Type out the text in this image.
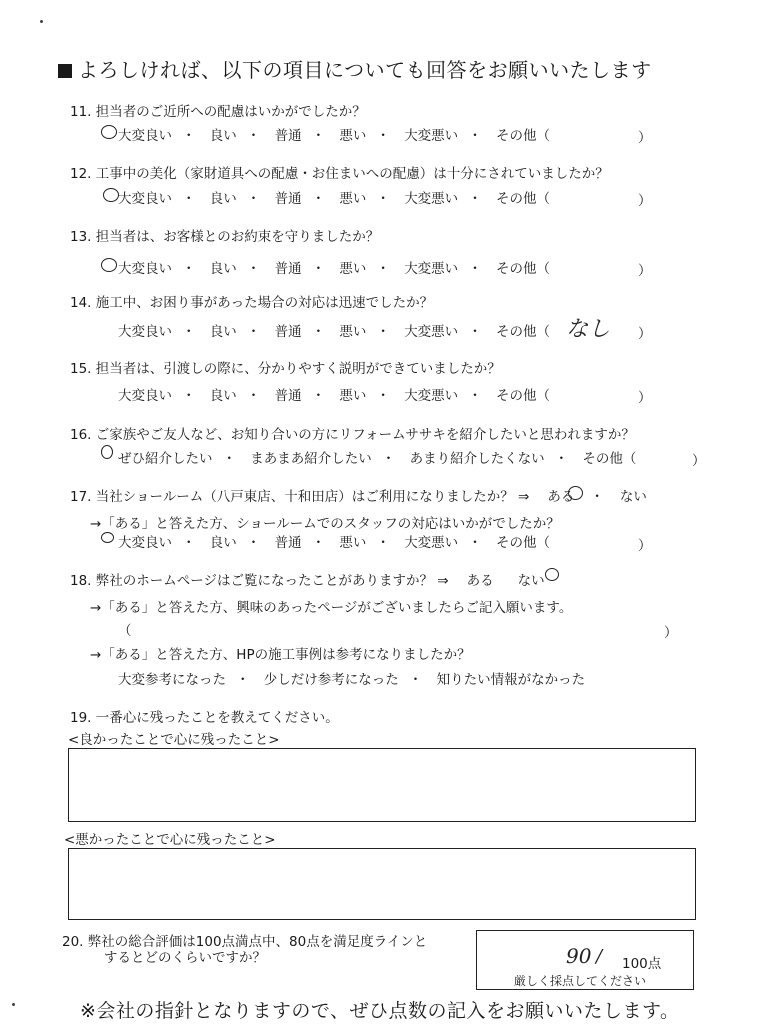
よろしければ、以下の項目についても回答をお願いいたします
11. 担当者のご近所への配慮はいかがでしたか？
大変良い ・ 良い ・ 普通 ・ 悪い ・ 大変悪い ・ その他（	）
12. 工事中の美化（家財道具への配慮・お住まいへの配慮）は十分にされていましたか？
大変良い ・ 良い ・ 普通 ・ 悪い ・ 大変悪い ・ その他（	）
13. 担当者は、お客様とのお約束を守りましたか？
大変良い ・ 良い ・ 普通 ・ 悪い ・ 大変悪い ・ その他（	）
14. 施工中、お困り事があった場合の対応は迅速でしたか？
大変良い ・ 良い ・ 普通 ・ 悪い ・ 大変悪い ・ その他（ なし ）
15. 担当者は、引渡しの際に、分かりやすく説明ができていましたか？
大変良い ・ 良い ・ 普通 ・ 悪い ・ 大変悪い ・ その他（	）
16. ご家族やご友人など、お知り合いの方にリフォームササキを紹介したいと思われますか？
ぜひ紹介したい ・ まあまあ紹介したい ・ あまり紹介したくない ・ その他（	）
17. 当社ショールーム（八戸東店、十和田店）はご利用になりましたか？ ⇒ ある ・ ない
→「ある」と答えた方、ショールームでのスタッフの対応はいかがでしたか？
大変良い ・ 良い ・ 普通 ・ 悪い ・ 大変悪い ・ その他（	）
18. 弊社のホームページはご覧になったことがありますか？ ⇒ ある ない
→「ある」と答えた方、興味のあったページがございましたらご記入願います。
（	）
→「ある」と答えた方、HPの施工事例は参考になりましたか？
大変参考になった ・ 少しだけ参考になった ・ 知りたい情報がなかった
19. 一番心に残ったことを教えてください。
<良かったことで心に残ったこと>
<悪かったことで心に残ったこと>
20. 弊社の総合評価は100点満点中、80点を満足度ラインと
するとどのくらいですか？	90 / 100点
厳しく採点してください
※会社の指針となりますので、ぜひ点数の記入をお願いいたします。
